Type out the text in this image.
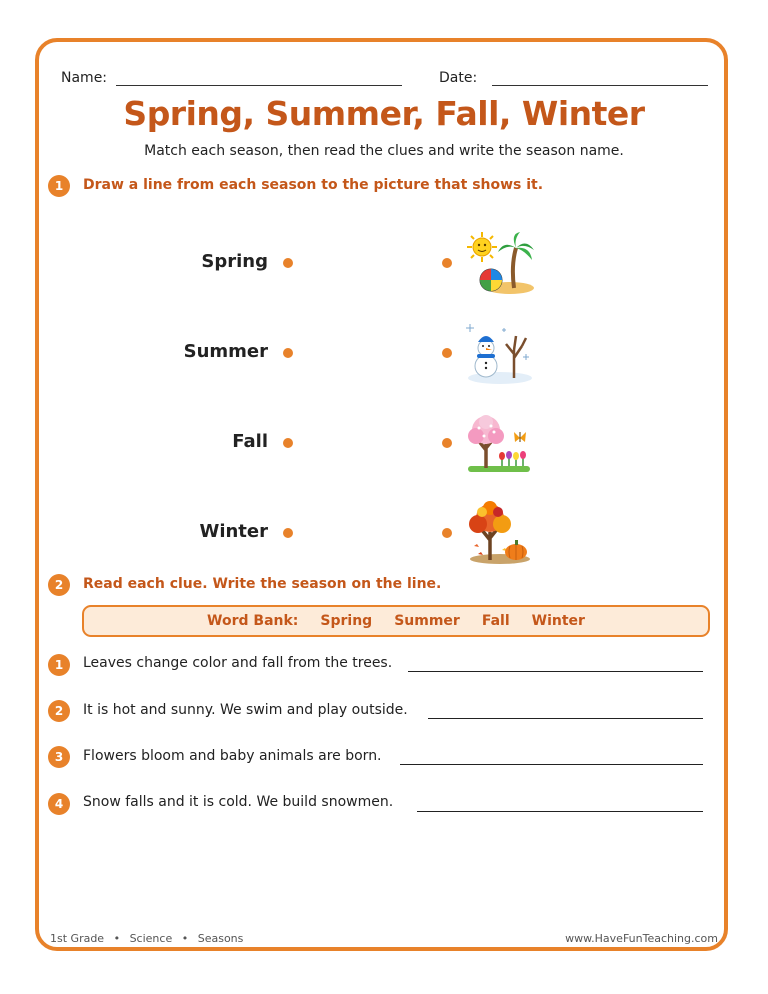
Name:	Date:
Spring, Summer, Fall, Winter
Match each season, then read the clues and write the season name.
1	Draw a line from each season to the picture that shows it.
Spring
Summer
Fall
Winter
2	Read each clue. Write the season on the line.
Word Bank: Spring Summer Fall Winter
1	Leaves change color and fall from the trees.
2	It is hot and sunny. We swim and play outside.
3	Flowers bloom and baby animals are born.
4	Snow falls and it is cold. We build snowmen.
1st Grade • Science • Seasons	www.HaveFunTeaching.com
